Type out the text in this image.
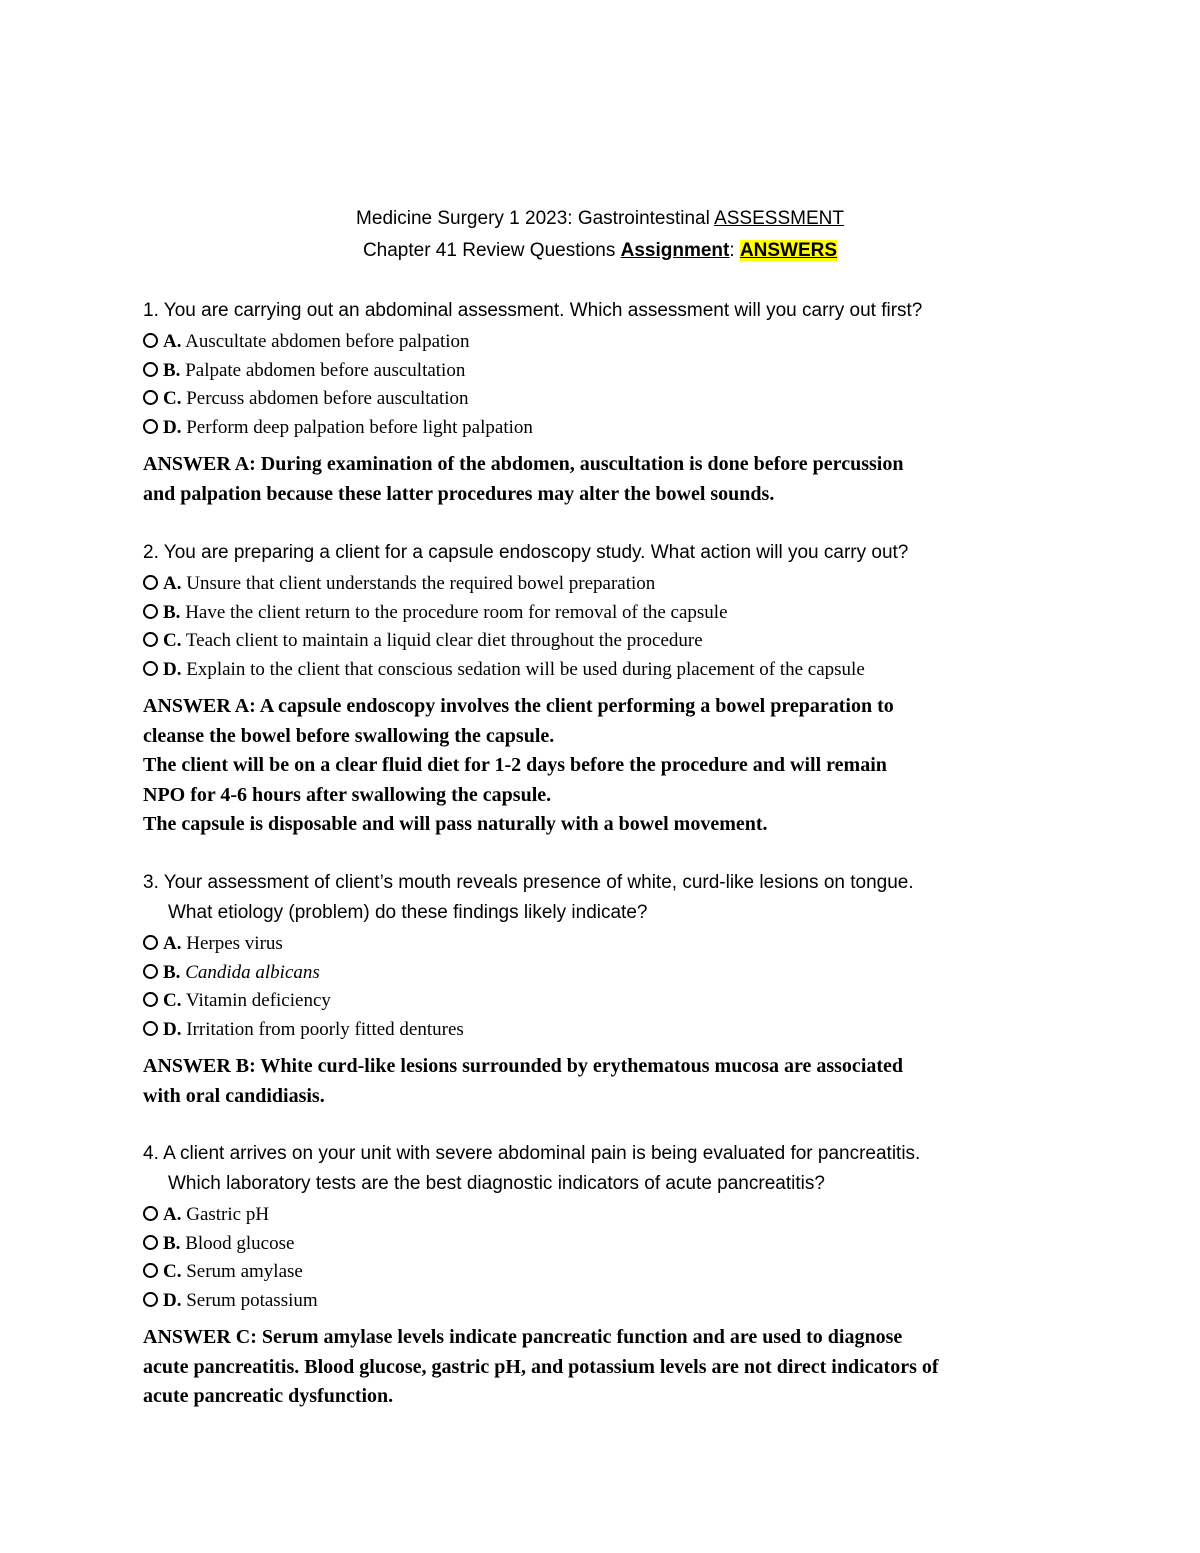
Medicine Surgery 1 2023: Gastrointestinal ASSESSMENT
Chapter 41 Review Questions Assignment: ANSWERS
1. You are carrying out an abdominal assessment. Which assessment will you carry out first?
A. Auscultate abdomen before palpation
B. Palpate abdomen before auscultation
C. Percuss abdomen before auscultation
D. Perform deep palpation before light palpation
ANSWER A: During examination of the abdomen, auscultation is done before percussion
and palpation because these latter procedures may alter the bowel sounds.
2. You are preparing a client for a capsule endoscopy study. What action will you carry out?
A. Unsure that client understands the required bowel preparation
B. Have the client return to the procedure room for removal of the capsule
C. Teach client to maintain a liquid clear diet throughout the procedure
D. Explain to the client that conscious sedation will be used during placement of the capsule
ANSWER A: A capsule endoscopy involves the client performing a bowel preparation to
cleanse the bowel before swallowing the capsule.
The client will be on a clear fluid diet for 1-2 days before the procedure and will remain
NPO for 4-6 hours after swallowing the capsule.
The capsule is disposable and will pass naturally with a bowel movement.
3. Your assessment of client’s mouth reveals presence of white, curd-like lesions on tongue.
What etiology (problem) do these findings likely indicate?
A. Herpes virus
B. Candida albicans
C. Vitamin deficiency
D. Irritation from poorly fitted dentures
ANSWER B: White curd-like lesions surrounded by erythematous mucosa are associated
with oral candidiasis.
4. A client arrives on your unit with severe abdominal pain is being evaluated for pancreatitis.
Which laboratory tests are the best diagnostic indicators of acute pancreatitis?
A. Gastric pH
B. Blood glucose
C. Serum amylase
D. Serum potassium
ANSWER C: Serum amylase levels indicate pancreatic function and are used to diagnose
acute pancreatitis. Blood glucose, gastric pH, and potassium levels are not direct indicators of
acute pancreatic dysfunction.
